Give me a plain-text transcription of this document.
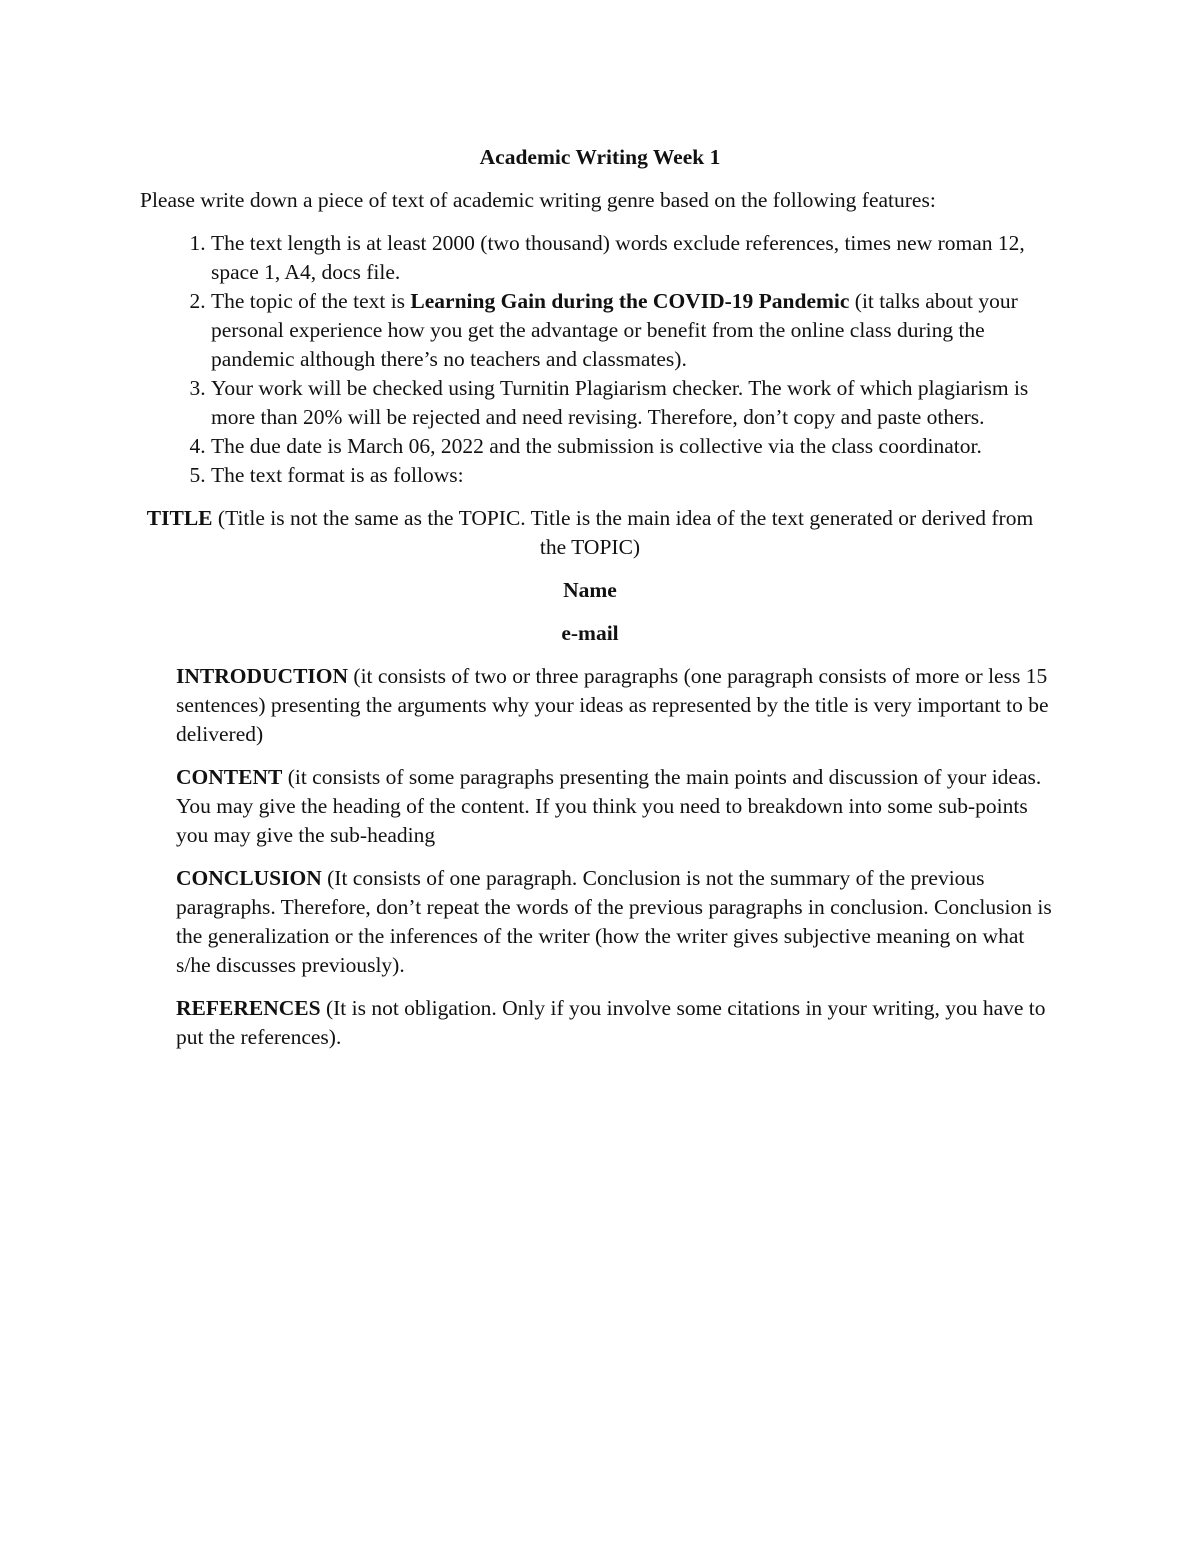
Academic Writing Week 1

Please write down a piece of text of academic writing genre based on the following features:

1. The text length is at least 2000 (two thousand) words exclude references, times new roman 12, space 1, A4, docs file.
2. The topic of the text is Learning Gain during the COVID-19 Pandemic (it talks about your personal experience how you get the advantage or benefit from the online class during the pandemic although there’s no teachers and classmates).
3. Your work will be checked using Turnitin Plagiarism checker. The work of which plagiarism is more than 20% will be rejected and need revising. Therefore, don’t copy and paste others.
4. The due date is March 06, 2022 and the submission is collective via the class coordinator.
5. The text format is as follows:

TITLE (Title is not the same as the TOPIC. Title is the main idea of the text generated or derived from the TOPIC)

Name

e-mail

INTRODUCTION (it consists of two or three paragraphs (one paragraph consists of more or less 15 sentences) presenting the arguments why your ideas as represented by the title is very important to be delivered)

CONTENT (it consists of some paragraphs presenting the main points and discussion of your ideas. You may give the heading of the content. If you think you need to breakdown into some sub-points you may give the sub-heading

CONCLUSION (It consists of one paragraph. Conclusion is not the summary of the previous paragraphs. Therefore, don’t repeat the words of the previous paragraphs in conclusion. Conclusion is the generalization or the inferences of the writer (how the writer gives subjective meaning on what s/he discusses previously).

REFERENCES (It is not obligation. Only if you involve some citations in your writing, you have to put the references).
